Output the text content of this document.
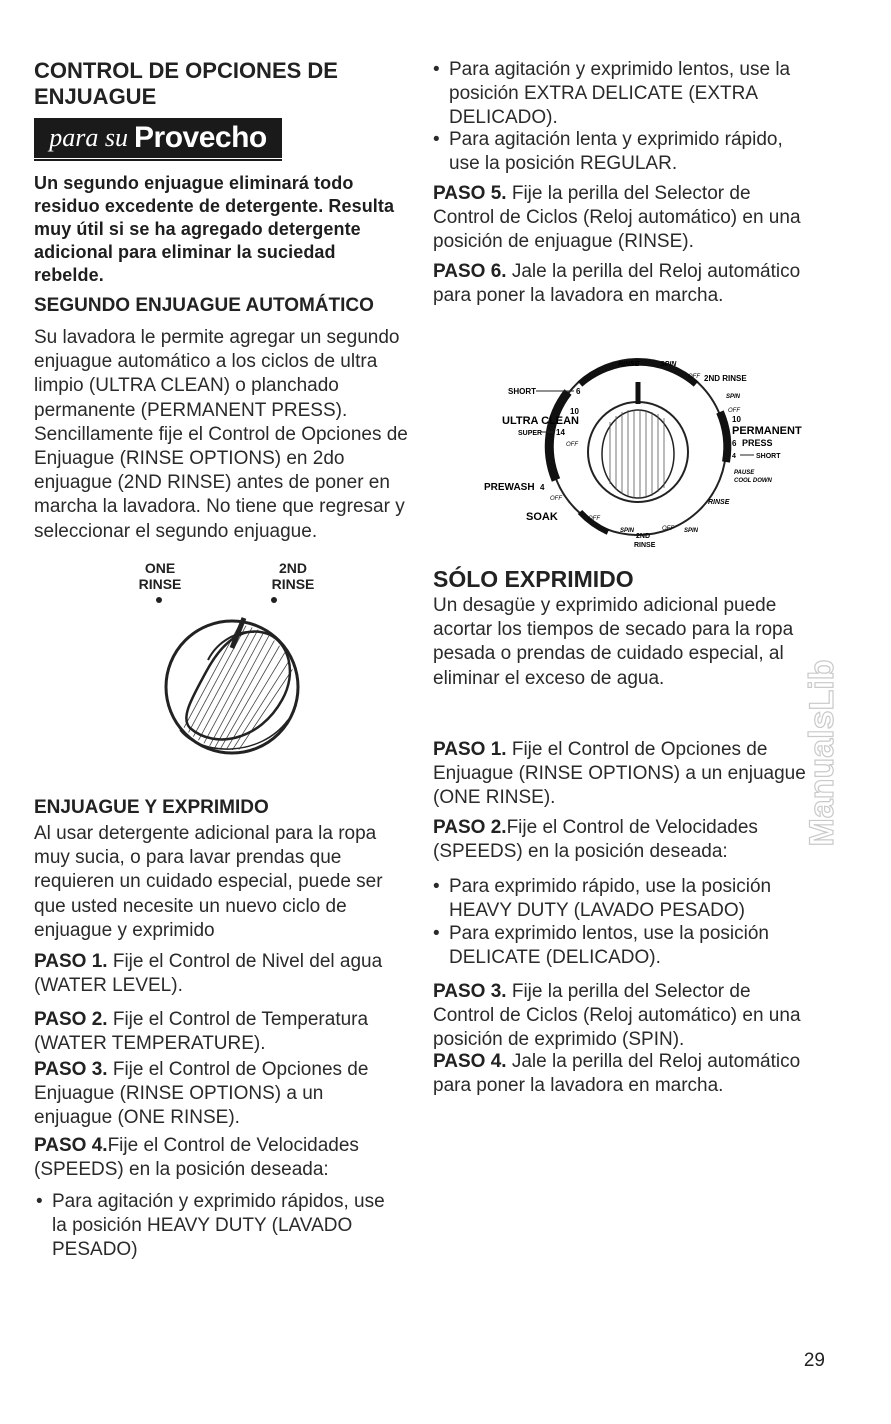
CONTROL DE OPCIONES DE ENJUAGUE
para su Provecho

Un segundo enjuague eliminará todo residuo excedente de detergente. Resulta muy útil si se ha agregado detergente adicional para eliminar la suciedad rebelde.

SEGUNDO ENJUAGUE AUTOMÁTICO

Su lavadora le permite agregar un segundo enjuague automático a los ciclos de ultra limpio (ULTRA CLEAN) o planchado permanente (PERMANENT PRESS). Sencillamente fije el Control de Opciones de Enjuague (RINSE OPTIONS) en 2do enjuague (2ND RINSE) antes de poner en marcha la lavadora. No tiene que regresar y seleccionar el segundo enjuague.

ONE
RINSE
2ND
RINSE
ENJUAGUE Y EXPRIMIDO

Al usar detergente adicional para la ropa muy sucia, o para lavar prendas que requieren un cuidado especial, puede ser que usted necesite un nuevo ciclo de enjuague y exprimido

PASO 1. Fije el Control de Nivel del agua (WATER LEVEL).

PASO 2. Fije el Control de Temperatura (WATER TEMPERATURE).

PASO 3. Fije el Control de Opciones de Enjuague (RINSE OPTIONS) a un enjuague (ONE RINSE).

PASO 4.Fije el Control de Velocidades (SPEEDS) en la posición deseada:

• Para agitación y exprimido rápidos, use la posición HEAVY DUTY (LAVADO PESADO)
• Para agitación y exprimido lentos, use la posición EXTRA DELICATE (EXTRA DELICADO).
• Para agitación lenta y exprimido rápido, use la posición REGULAR.

PASO 5. Fije la perilla del Selector de Control de Ciclos (Reloj automático) en una posición de enjuague (RINSE).

PASO 6. Jale la perilla del Reloj automático para poner la lavadora en marcha.

RINSE	SPIN
OFF 2ND RINSE
SHORT	6
SPIN
OFF
ULTRA CLEAN
10
10
PERMANENT
SUPER 14
OFF	6 PRESS
4	SHORT
PAUSE
COOL DOWN
PREWASH 4
OFF	RINSE
SOAK	OFF
SPIN
2ND
RINSE
OFF SPIN
SÓLO EXPRIMIDO

Un desagüe y exprimido adicional puede acortar los tiempos de secado para la ropa pesada o prendas de cuidado especial, al eliminar el exceso de agua.

PASO 1. Fije el Control de Opciones de Enjuague (RINSE OPTIONS) a un enjuague (ONE RINSE).

PASO 2.Fije el Control de Velocidades (SPEEDS) en la posición deseada:

• Para exprimido rápido, use la posición HEAVY DUTY (LAVADO PESADO)
• Para exprimido lentos, use la posición DELICATE (DELICADO).

PASO 3. Fije la perilla del Selector de Control de Ciclos (Reloj automático) en una posición de exprimido (SPIN).

PASO 4. Jale la perilla del Reloj automático para poner la lavadora en marcha.

ManualsLib
29
